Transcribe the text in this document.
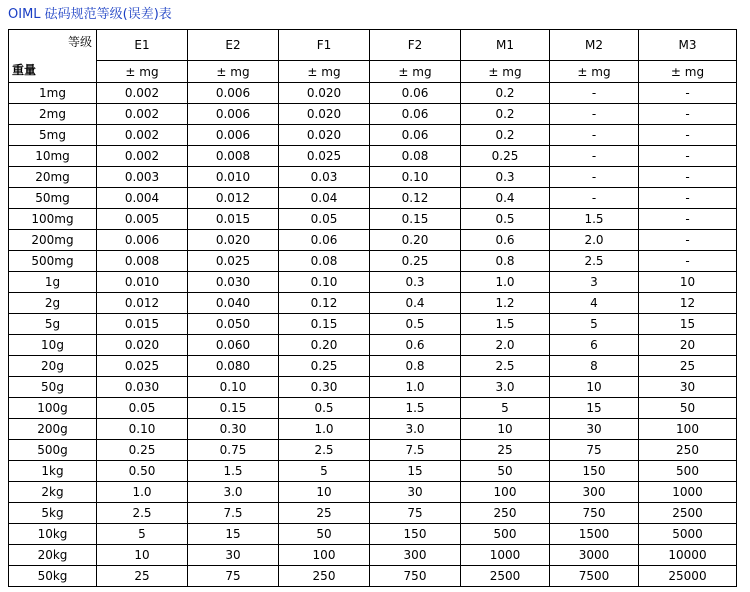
OIML 砝码规范等级(误差)表
等级
重量	E1	E2	F1	F2	M1	M2	M3
	± mg	± mg	± mg	± mg	± mg	± mg	± mg
1mg	0.002	0.006	0.020	0.06	0.2	-	-
2mg	0.002	0.006	0.020	0.06	0.2	-	-
5mg	0.002	0.006	0.020	0.06	0.2	-	-
10mg	0.002	0.008	0.025	0.08	0.25	-	-
20mg	0.003	0.010	0.03	0.10	0.3	-	-
50mg	0.004	0.012	0.04	0.12	0.4	-	-
100mg	0.005	0.015	0.05	0.15	0.5	1.5	-
200mg	0.006	0.020	0.06	0.20	0.6	2.0	-
500mg	0.008	0.025	0.08	0.25	0.8	2.5	-
1g	0.010	0.030	0.10	0.3	1.0	3	10
2g	0.012	0.040	0.12	0.4	1.2	4	12
5g	0.015	0.050	0.15	0.5	1.5	5	15
10g	0.020	0.060	0.20	0.6	2.0	6	20
20g	0.025	0.080	0.25	0.8	2.5	8	25
50g	0.030	0.10	0.30	1.0	3.0	10	30
100g	0.05	0.15	0.5	1.5	5	15	50
200g	0.10	0.30	1.0	3.0	10	30	100
500g	0.25	0.75	2.5	7.5	25	75	250
1kg	0.50	1.5	5	15	50	150	500
2kg	1.0	3.0	10	30	100	300	1000
5kg	2.5	7.5	25	75	250	750	2500
10kg	5	15	50	150	500	1500	5000
20kg	10	30	100	300	1000	3000	10000
50kg	25	75	250	750	2500	7500	25000
